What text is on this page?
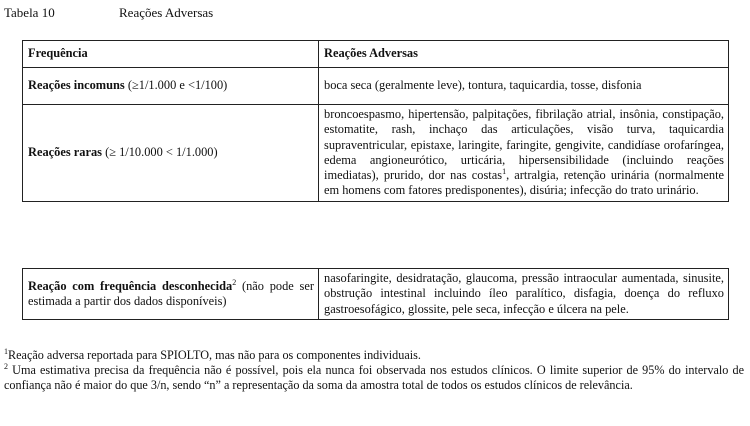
Tabela 10	Reações Adversas
Frequência	Reações Adversas
Reações incomuns (≥1/1.000 e <1/100)	boca seca (geralmente leve), tontura, taquicardia, tosse, disfonia
Reações raras (≥ 1/10.000 < 1/1.000)	broncoespasmo, hipertensão, palpitações, fibrilação atrial, insônia, constipação, estomatite, rash, inchaço das articulações, visão turva, taquicardia supraventricular, epistaxe, laringite, faringite, gengivite, candidíase orofaríngea, edema angioneurótico, urticária, hipersensibilidade (incluindo reações imediatas), prurido, dor nas costas$^1$, artralgia, retenção urinária (normalmente em homens com fatores predisponentes), disúria; infecção do trato urinário.
Reação com frequência desconhecida$^2$ (não pode ser estimada a partir dos dados disponíveis)	nasofaringite, desidratação, glaucoma, pressão intraocular aumentada, sinusite, obstrução intestinal incluindo íleo paralítico, disfagia, doença do refluxo gastroesofágico, glossite, pele seca, infecção e úlcera na pele.

$^1$Reação adversa reportada para SPIOLTO, mas não para os componentes individuais.

$^2$ Uma estimativa precisa da frequência não é possível, pois ela nunca foi observada nos estudos clínicos. O limite superior de 95% do intervalo de confiança não é maior do que 3/n, sendo “n” a representação da soma da amostra total de todos os estudos clínicos de relevância.
